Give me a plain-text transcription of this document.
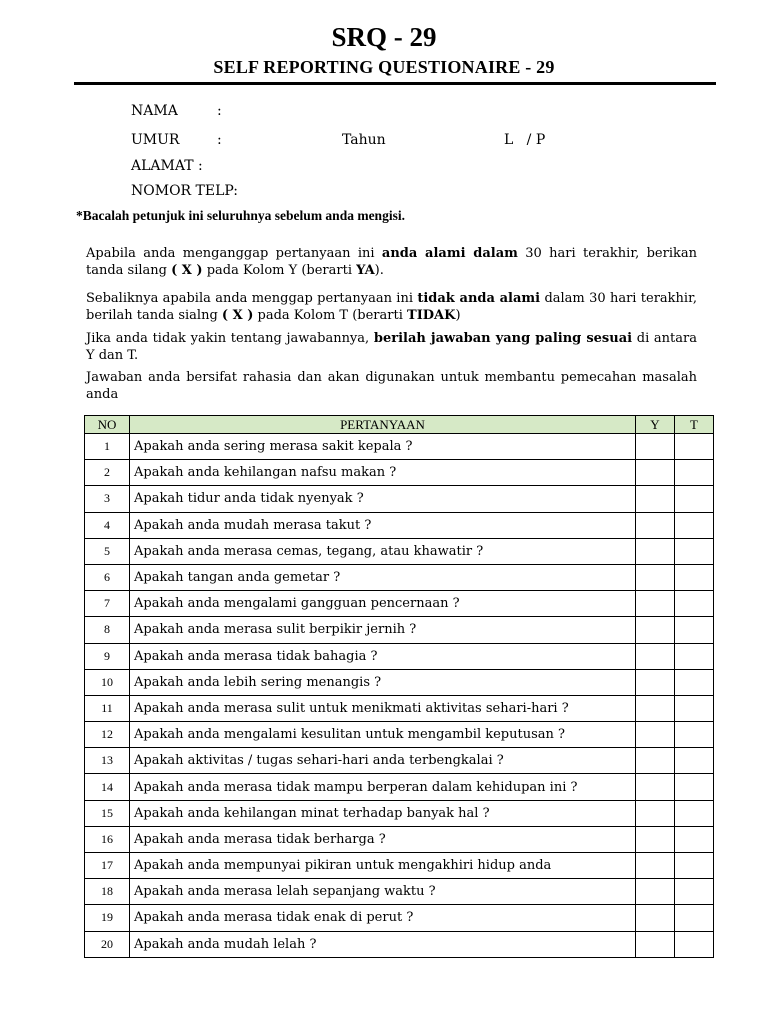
SRQ - 29
SELF REPORTING QUESTIONAIRE - 29
NAMA	:
UMUR	:	Tahun	L   / P
ALAMAT :
NOMOR TELP:
*Bacalah petunjuk ini seluruhnya sebelum anda mengisi.
Apabila anda menganggap pertanyaan ini anda alami dalam 30 hari terakhir, berikan tanda silang ( X ) pada Kolom Y (berarti YA).
Sebaliknya apabila anda menggap pertanyaan ini tidak anda alami dalam 30 hari terakhir, berilah tanda sialng ( X ) pada Kolom T (berarti TIDAK)
Jika anda tidak yakin tentang jawabannya, berilah jawaban yang paling sesuai di antara Y dan T.
Jawaban anda bersifat rahasia dan akan digunakan untuk membantu pemecahan masalah anda
NO	PERTANYAAN	Y	T
1	Apakah anda sering merasa sakit kepala ?		
2	Apakah anda kehilangan nafsu makan ?		
3	Apakah tidur anda tidak nyenyak ?		
4	Apakah anda mudah merasa takut ?		
5	Apakah anda merasa cemas, tegang, atau khawatir ?		
6	Apakah tangan anda gemetar ?		
7	Apakah anda mengalami gangguan pencernaan ?		
8	Apakah anda merasa sulit berpikir jernih ?		
9	Apakah anda merasa tidak bahagia ?		
10	Apakah anda lebih sering menangis ?		
11	Apakah anda merasa sulit untuk menikmati aktivitas sehari-hari ?		
12	Apakah anda mengalami kesulitan untuk mengambil keputusan ?		
13	Apakah aktivitas / tugas sehari-hari anda terbengkalai ?		
14	Apakah anda merasa tidak mampu berperan dalam kehidupan ini ?		
15	Apakah anda kehilangan minat terhadap banyak hal ?		
16	Apakah anda merasa tidak berharga ?		
17	Apakah anda mempunyai pikiran untuk mengakhiri hidup anda		
18	Apakah anda merasa lelah sepanjang waktu ?		
19	Apakah anda merasa tidak enak di perut ?		
20	Apakah anda mudah lelah ?		
